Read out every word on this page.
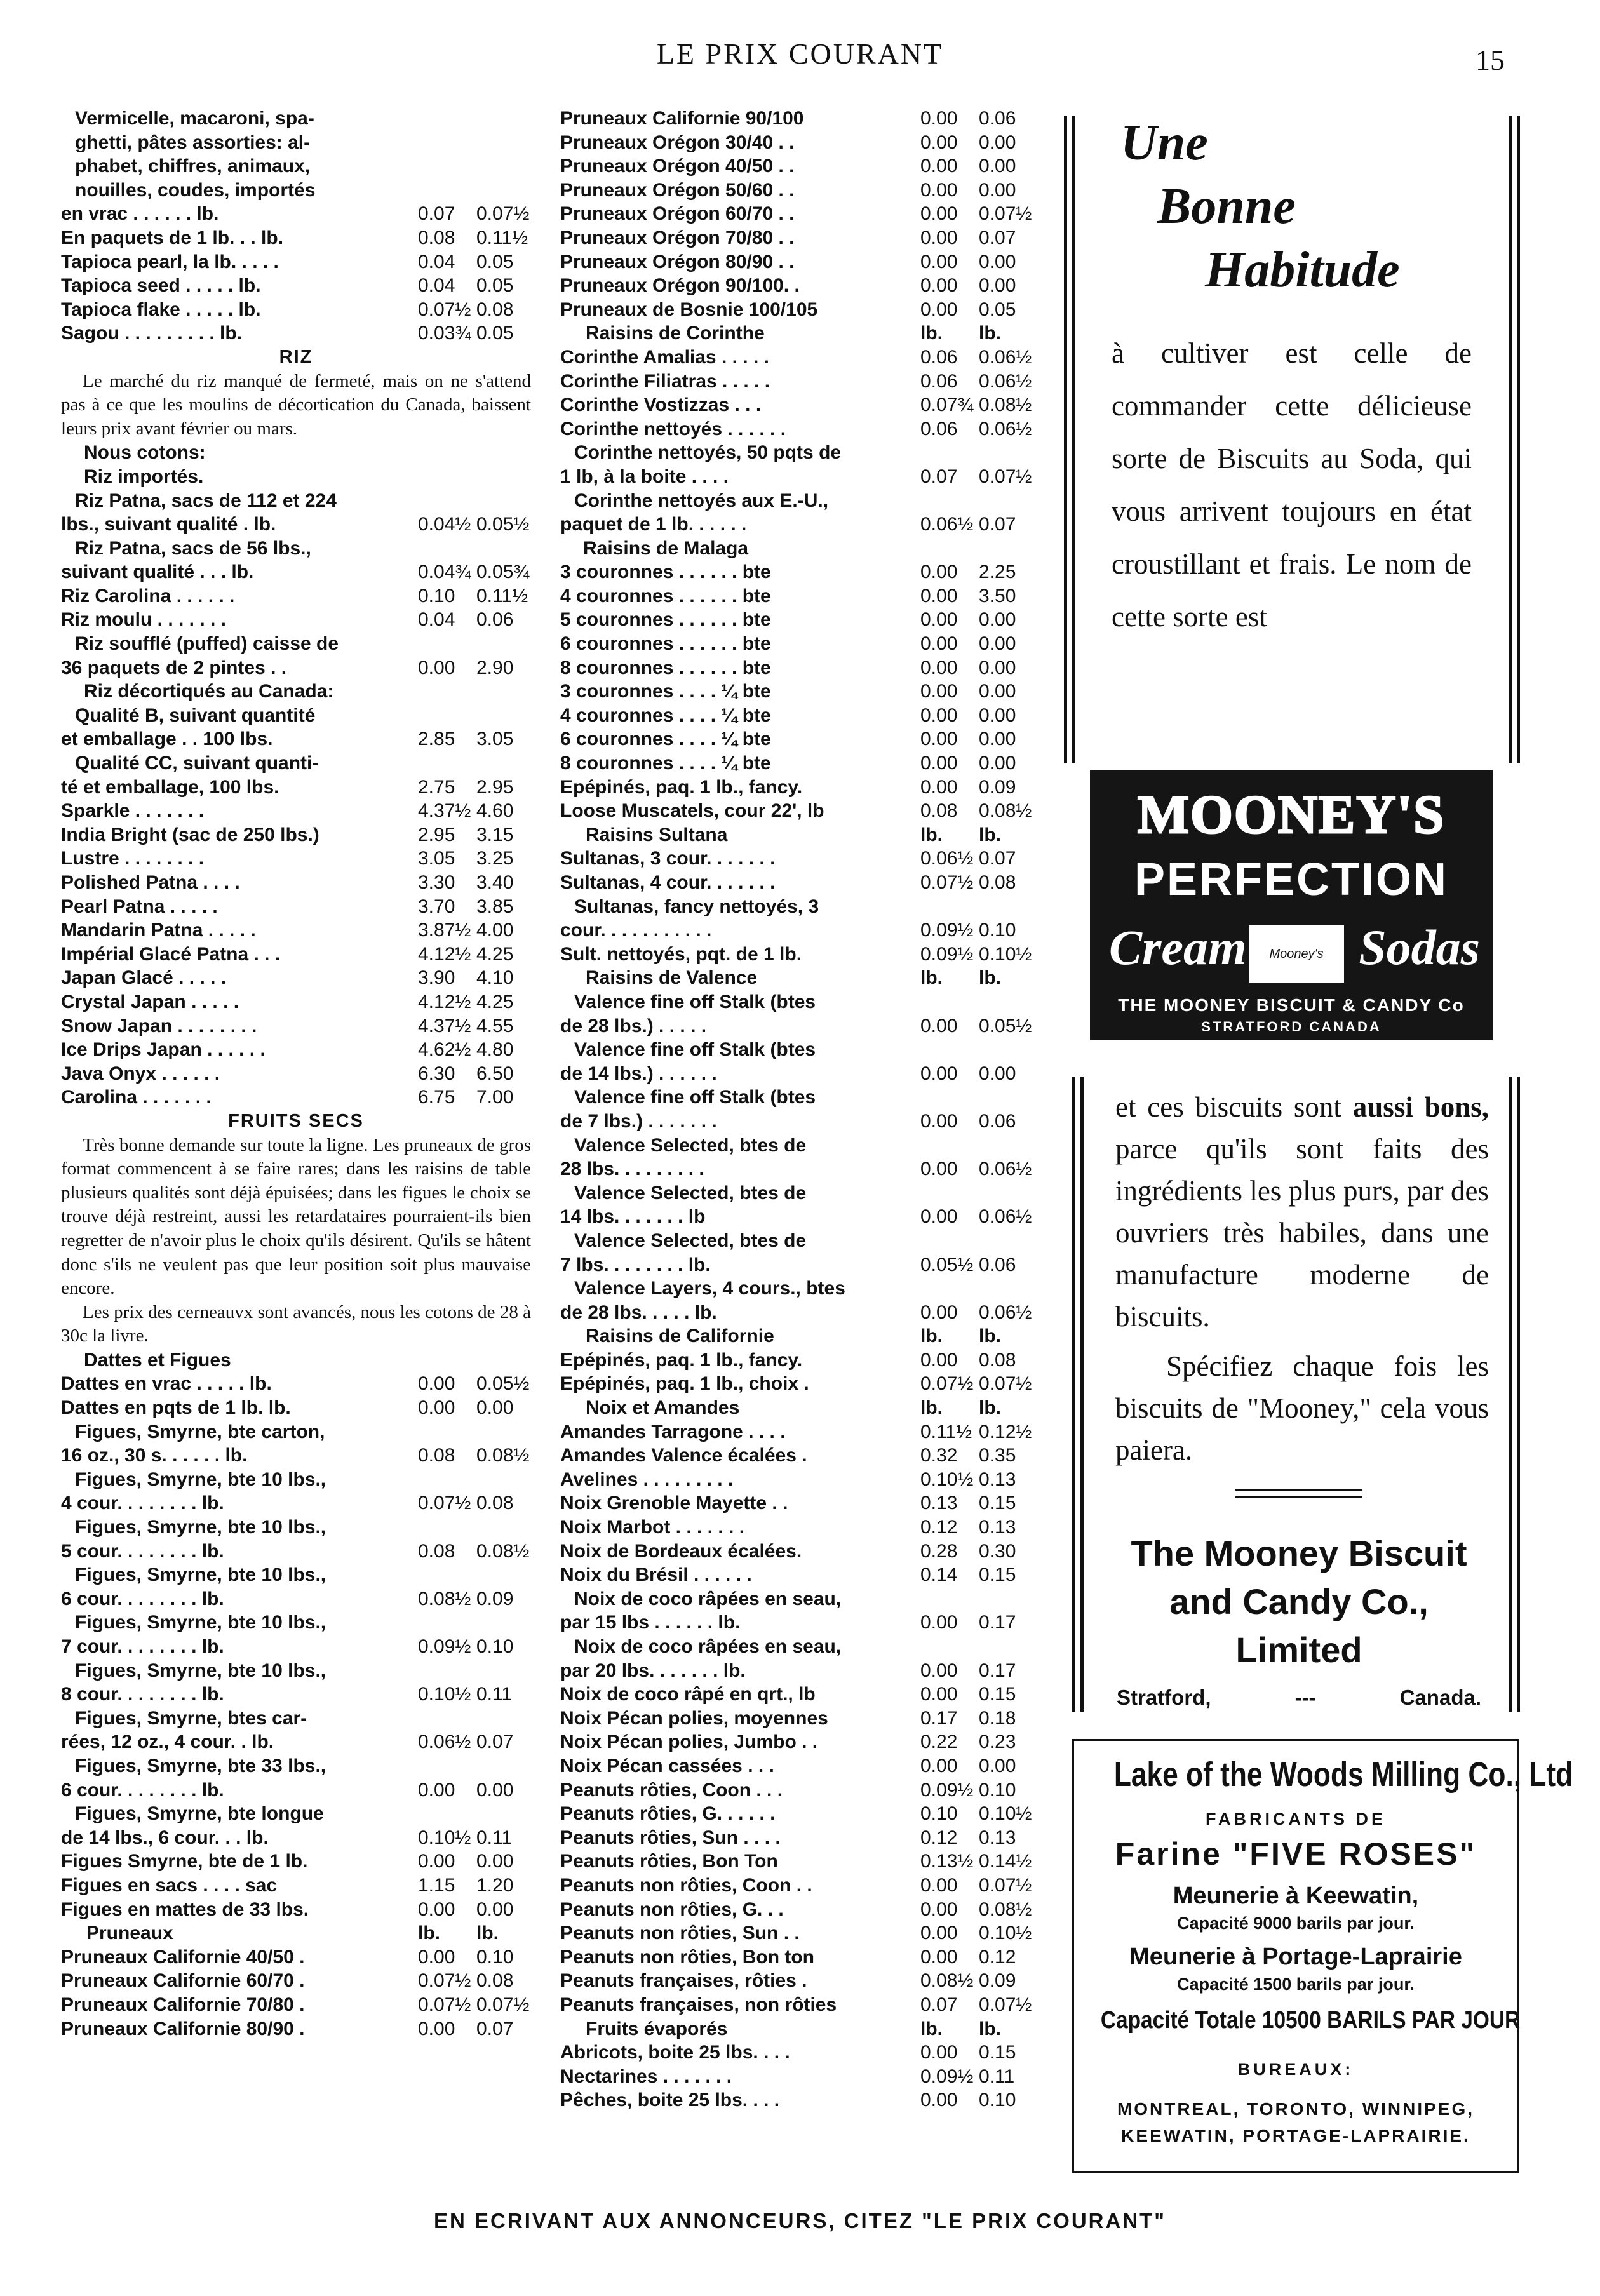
LE PRIX COURANT	15
Vermicelle, macaroni, spa-
ghetti, pâtes assorties: al-
phabet, chiffres, animaux,
nouilles, coudes, importés
en vrac . . . . . . lb.	0.07	0.07½
En paquets de 1 lb. . . lb.	0.08	0.11½
Tapioca pearl, la lb. . . . .	0.04	0.05
Tapioca seed . . . . . lb.	0.04	0.05
Tapioca flake . . . . . lb.	0.07½ 0.08
Sagou . . . . . . . . . lb.	0.03¾ 0.05
RIZ
Le marché du riz manqué de fermeté, mais on ne s'attend pas à ce que les moulins de décortication du Canada, baissent leurs prix avant février ou mars.
Nous cotons:
Riz importés.
Riz Patna, sacs de 112 et 224
lbs., suivant qualité . lb.	0.04½ 0.05½
Riz Patna, sacs de 56 lbs.,
suivant qualité . . . lb.	0.04¾ 0.05¾
Riz Carolina . . . . . .	0.10	0.11½
Riz moulu . . . . . . .	0.04	0.06
Riz soufflé (puffed) caisse de
36 paquets de 2 pintes . .	0.00	2.90
Riz décortiqués au Canada:
Qualité B, suivant quantité
et emballage . . 100 lbs.	2.85	3.05
Qualité CC, suivant quanti-
té et emballage, 100 lbs.	2.75	2.95
Sparkle . . . . . . .	4.37½ 4.60
India Bright (sac de 250 lbs.)	2.95	3.15
Lustre . . . . . . . .	3.05	3.25
Polished Patna . . . .	3.30	3.40
Pearl Patna . . . . .	3.70	3.85
Mandarin Patna . . . . .	3.87½ 4.00
Impérial Glacé Patna . . .	4.12½ 4.25
Japan Glacé . . . . .	3.90	4.10
Crystal Japan . . . . .	4.12½ 4.25
Snow Japan . . . . . . . .	4.37½ 4.55
Ice Drips Japan . . . . . .	4.62½ 4.80
Java Onyx . . . . . .	6.30	6.50
Carolina . . . . . . .	6.75	7.00
FRUITS SECS
Très bonne demande sur toute la ligne. Les pruneaux de gros format commencent à se faire rares; dans les raisins de table plusieurs qualités sont déjà épuisées; dans les figues le choix se trouve déjà restreint, aussi les retardataires pourraient-ils bien regretter de n'avoir plus le choix qu'ils désirent. Qu'ils se hâtent donc s'ils ne veulent pas que leur position soit plus mauvaise encore.
Les prix des cerneauvx sont avancés, nous les cotons de 28 à 30c la livre.
Dattes et Figues
Dattes en vrac . . . . . lb.	0.00	0.05½
Dattes en pqts de 1 lb. lb.	0.00	0.00
Figues, Smyrne, bte carton,
16 oz., 30 s. . . . . . lb.	0.08	0.08½
Figues, Smyrne, bte 10 lbs.,
4 cour. . . . . . . . lb.	0.07½ 0.08
Figues, Smyrne, bte 10 lbs.,
5 cour. . . . . . . . lb.	0.08	0.08½
Figues, Smyrne, bte 10 lbs.,
6 cour. . . . . . . . lb.	0.08½ 0.09
Figues, Smyrne, bte 10 lbs.,
7 cour. . . . . . . . lb.	0.09½ 0.10
Figues, Smyrne, bte 10 lbs.,
8 cour. . . . . . . . lb.	0.10½ 0.11
Figues, Smyrne, btes car-
rées, 12 oz., 4 cour. . lb.	0.06½ 0.07
Figues, Smyrne, bte 33 lbs.,
6 cour. . . . . . . . lb.	0.00	0.00
Figues, Smyrne, bte longue
de 14 lbs., 6 cour. . . lb.	0.10½ 0.11
Figues Smyrne, bte de 1 lb.	0.00	0.00
Figues en sacs . . . . sac	1.15	1.20
Figues en mattes de 33 lbs.	0.00	0.00
Pruneaux	lb.	lb.
Pruneaux Californie 40/50 .	0.00	0.10
Pruneaux Californie 60/70 .	0.07½ 0.08
Pruneaux Californie 70/80 .	0.07½ 0.07½
Pruneaux Californie 80/90 .	0.00	0.07
Pruneaux Californie 90/100	0.00	0.06
Pruneaux Orégon 30/40 . .	0.00	0.00
Pruneaux Orégon 40/50 . .	0.00	0.00
Pruneaux Orégon 50/60 . .	0.00	0.00
Pruneaux Orégon 60/70 . .	0.00	0.07½
Pruneaux Orégon 70/80 . .	0.00	0.07
Pruneaux Orégon 80/90 . .	0.00	0.00
Pruneaux Orégon 90/100. .	0.00	0.00
Pruneaux de Bosnie 100/105	0.00	0.05
Raisins de Corinthe	lb.	lb.
Corinthe Amalias . . . . .	0.06	0.06½
Corinthe Filiatras . . . . .	0.06	0.06½
Corinthe Vostizzas . . .	0.07¾ 0.08½
Corinthe nettoyés . . . . . .	0.06	0.06½
Corinthe nettoyés, 50 pqts de
1 lb, à la boite . . . .	0.07	0.07½
Corinthe nettoyés aux E.-U.,
paquet de 1 lb. . . . . .	0.06½ 0.07
Raisins de Malaga
3 couronnes . . . . . . bte	0.00	2.25
4 couronnes . . . . . . bte	0.00	3.50
5 couronnes . . . . . . bte	0.00	0.00
6 couronnes . . . . . . bte	0.00	0.00
8 couronnes . . . . . . bte	0.00	0.00
3 couronnes . . . . ¼ bte	0.00	0.00
4 couronnes . . . . ¼ bte	0.00	0.00
6 couronnes . . . . ¼ bte	0.00	0.00
8 couronnes . . . . ¼ bte	0.00	0.00
Epépinés, paq. 1 lb., fancy.	0.00	0.09
Loose Muscatels, cour 22', lb	0.08	0.08½
Raisins Sultana	lb.	lb.
Sultanas, 3 cour. . . . . . .	0.06½ 0.07
Sultanas, 4 cour. . . . . . .	0.07½ 0.08
Sultanas, fancy nettoyés, 3
cour. . . . . . . . . . .	0.09½ 0.10
Sult. nettoyés, pqt. de 1 lb.	0.09½ 0.10½
Raisins de Valence	lb.	lb.
Valence fine off Stalk (btes
de 28 lbs.) . . . . .	0.00	0.05½
Valence fine off Stalk (btes
de 14 lbs.) . . . . . .	0.00	0.00
Valence fine off Stalk (btes
de 7 lbs.) . . . . . . .	0.00	0.06
Valence Selected, btes de
28 lbs. . . . . . . . .	0.00	0.06½
Valence Selected, btes de
14 lbs. . . . . . . lb	0.00	0.06½
Valence Selected, btes de
7 lbs. . . . . . . . lb.	0.05½ 0.06
Valence Layers, 4 cours., btes
de 28 lbs. . . . . lb.	0.00	0.06½
Raisins de Californie	lb.	lb.
Epépinés, paq. 1 lb., fancy.	0.00	0.08
Epépinés, paq. 1 lb., choix .	0.07½ 0.07½
Noix et Amandes	lb.	lb.
Amandes Tarragone . . . .	0.11½ 0.12½
Amandes Valence écalées .	0.32	0.35
Avelines . . . . . . . . .	0.10½ 0.13
Noix Grenoble Mayette . .	0.13	0.15
Noix Marbot . . . . . . .	0.12	0.13
Noix de Bordeaux écalées.	0.28	0.30
Noix du Brésil . . . . . .	0.14	0.15
Noix de coco râpées en seau,
par 15 lbs . . . . . . lb.	0.00	0.17
Noix de coco râpées en seau,
par 20 lbs. . . . . . . lb.	0.00	0.17
Noix de coco râpé en qrt., lb	0.00	0.15
Noix Pécan polies, moyennes	0.17	0.18
Noix Pécan polies, Jumbo . .	0.22	0.23
Noix Pécan cassées . . .	0.00	0.00
Peanuts rôties, Coon . . .	0.09½ 0.10
Peanuts rôties, G. . . . . .	0.10	0.10½
Peanuts rôties, Sun . . . .	0.12	0.13
Peanuts rôties, Bon Ton	0.13½ 0.14½
Peanuts non rôties, Coon . .	0.00	0.07½
Peanuts non rôties, G. . .	0.00	0.08½
Peanuts non rôties, Sun . .	0.00	0.10½
Peanuts non rôties, Bon ton	0.00	0.12
Peanuts françaises, rôties .	0.08½ 0.09
Peanuts françaises, non rôties	0.07	0.07½
Fruits évaporés	lb.	lb.
Abricots, boite 25 lbs. . . .	0.00	0.15
Nectarines . . . . . . .	0.09½ 0.11
Pêches, boite 25 lbs. . . .	0.00	0.10
Une
Bonne
Habitude
à cultiver est celle de commander cette délicieuse sorte de Biscuits au Soda, qui vous arrivent toujours en état croustillant et frais. Le nom de cette sorte est
MOONEY'S
PERFECTION
Cream	Mooney's Sodas
THE MOONEY BISCUIT & CANDY Co
STRATFORD CANADA
et ces biscuits sont aussi bons, parce qu'ils sont faits des ingrédients les plus purs, par des ouvriers très habiles, dans une manufacture moderne de biscuits.
Spécifiez chaque fois les biscuits de "Mooney," cela vous paiera.
The Mooney Biscuit
and Candy Co., Limited
Stratford,	---	Canada.
Lake of the Woods Milling Co., Ltd
FABRICANTS DE
Farine "FIVE ROSES"
Meunerie à Keewatin,
Capacité 9000 barils par jour.
Meunerie à Portage-Laprairie
Capacité 1500 barils par jour.
Capacité Totale 10500 BARILS PAR JOUR
BUREAUX:
MONTREAL, TORONTO, WINNIPEG,
KEEWATIN, PORTAGE-LAPRAIRIE.
EN ECRIVANT AUX ANNONCEURS, CITEZ "LE PRIX COURANT"
